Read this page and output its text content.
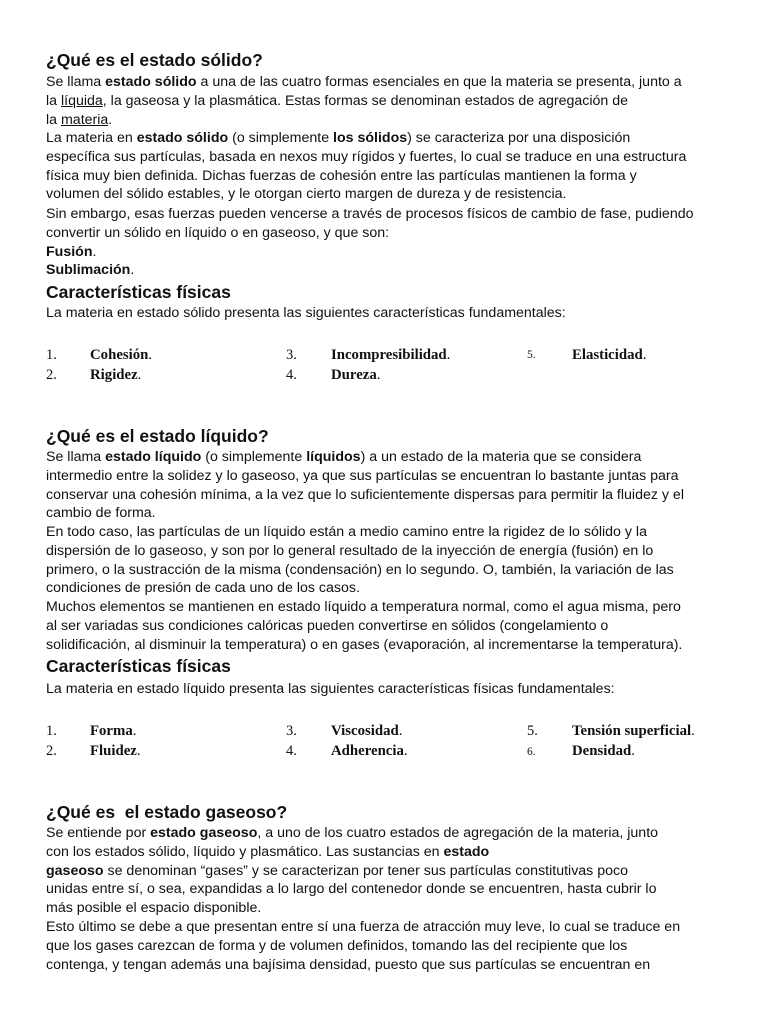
¿Qué es el estado sólido?
Se llama estado sólido a una de las cuatro formas esenciales en que la materia se presenta, junto a
la líquida, la gaseosa y la plasmática. Estas formas se denominan estados de agregación de
la materia.
La materia en estado sólido (o simplemente los sólidos) se caracteriza por una disposición
específica sus partículas, basada en nexos muy rígidos y fuertes, lo cual se traduce en una estructura
física muy bien definida. Dichas fuerzas de cohesión entre las partículas mantienen la forma y
volumen del sólido estables, y le otorgan cierto margen de dureza y de resistencia.
Sin embargo, esas fuerzas pueden vencerse a través de procesos físicos de cambio de fase, pudiendo
convertir un sólido en líquido o en gaseoso, y que son:
Fusión.
Sublimación.
Características físicas
La materia en estado sólido presenta las siguientes características fundamentales:
1. Cohesión.
2. Rigidez.
3. Incompresibilidad.
4. Dureza.
5. Elasticidad.
¿Qué es el estado líquido?
Se llama estado líquido (o simplemente líquidos) a un estado de la materia que se considera
intermedio entre la solidez y lo gaseoso, ya que sus partículas se encuentran lo bastante juntas para
conservar una cohesión mínima, a la vez que lo suficientemente dispersas para permitir la fluidez y el
cambio de forma.
En todo caso, las partículas de un líquido están a medio camino entre la rigidez de lo sólido y la
dispersión de lo gaseoso, y son por lo general resultado de la inyección de energía (fusión) en lo
primero, o la sustracción de la misma (condensación) en lo segundo. O, también, la variación de las
condiciones de presión de cada uno de los casos.
Muchos elementos se mantienen en estado líquido a temperatura normal, como el agua misma, pero
al ser variadas sus condiciones calóricas pueden convertirse en sólidos (congelamiento o
solidificación, al disminuir la temperatura) o en gases (evaporación, al incrementarse la temperatura).
Características físicas
La materia en estado líquido presenta las siguientes características físicas fundamentales:
1. Forma.
2. Fluidez.
3. Viscosidad.
4. Adherencia.
5. Tensión superficial.
6. Densidad.
¿Qué es  el estado gaseoso?
Se entiende por estado gaseoso, a uno de los cuatro estados de agregación de la materia, junto
con los estados sólido, líquido y plasmático. Las sustancias en estado
gaseoso se denominan “gases” y se caracterizan por tener sus partículas constitutivas poco
unidas entre sí, o sea, expandidas a lo largo del contenedor donde se encuentren, hasta cubrir lo
más posible el espacio disponible.
Esto último se debe a que presentan entre sí una fuerza de atracción muy leve, lo cual se traduce en
que los gases carezcan de forma y de volumen definidos, tomando las del recipiente que los
contenga, y tengan además una bajísima densidad, puesto que sus partículas se encuentran en
